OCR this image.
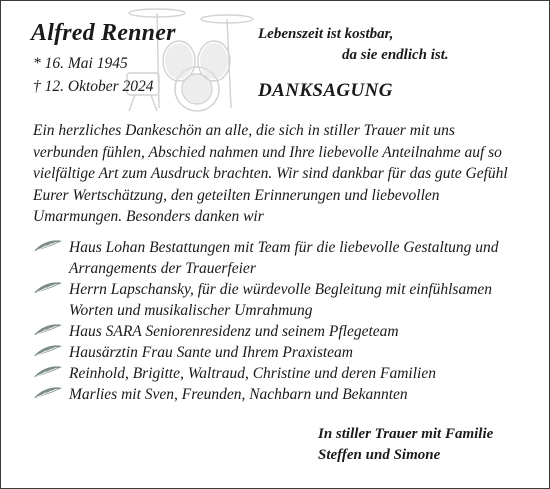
Alfred Renner
* 16. Mai 1945
† 12. Oktober 2024
Lebenszeit ist kostbar,
da sie endlich ist.
DANKSAGUNG
Ein herzliches Dankeschön an alle, die sich in stiller Trauer mit uns verbunden fühlen, Abschied nahmen und Ihre liebevolle Anteilnahme auf so vielfältige Art zum Ausdruck brachten. Wir sind dankbar für das gute Gefühl Eurer Wertschätzung, den geteilten Erinnerungen und liebevollen Umarmungen. Besonders danken wir
Haus Lohan Bestattungen mit Team für die liebevolle Gestaltung und Arrangements der Trauerfeier
Herrn Lapschansky, für die würdevolle Begleitung mit einfühlsamen Worten und musikalischer Umrahmung
Haus SARA Seniorenresidenz und seinem Pflegeteam
Hausärztin Frau Sante und Ihrem Praxisteam
Reinhold, Brigitte, Waltraud, Christine und deren Familien
Marlies mit Sven, Freunden, Nachbarn und Bekannten
In stiller Trauer mit Familie
Steffen und Simone
